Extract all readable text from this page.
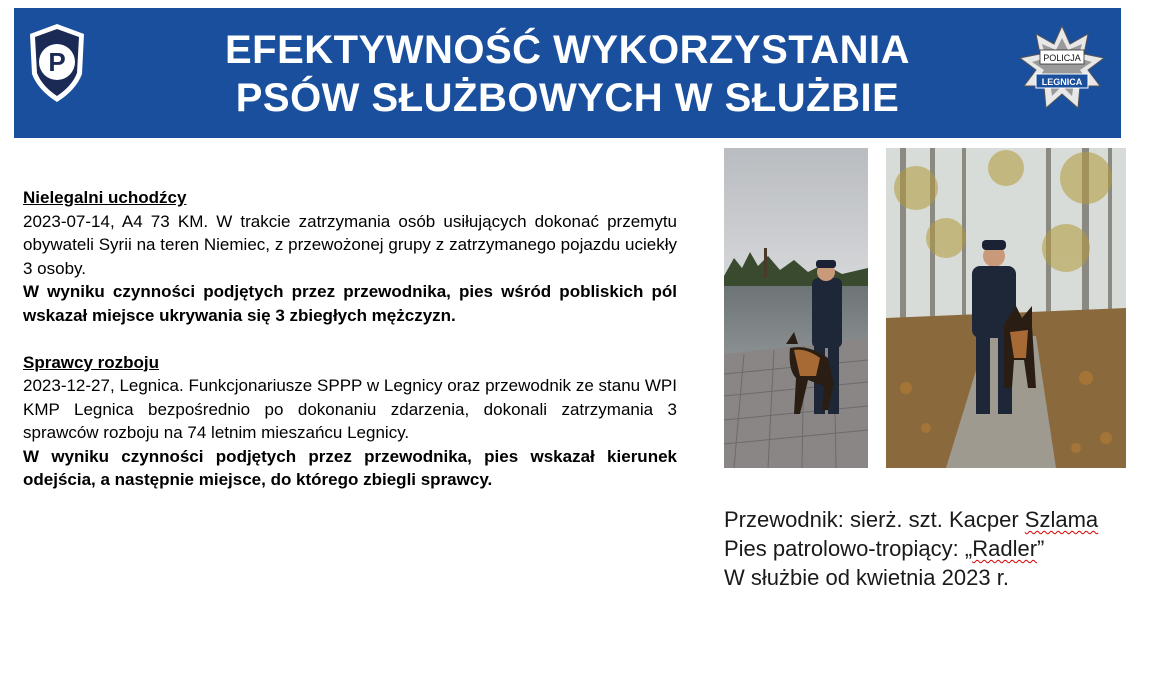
P	EFEKTYWNOŚĆ WYKORZYSTANIA
PSÓW SŁUŻBOWYCH W SŁUŻBIE
POLICJA
LEGNICA
Nielegalni uchodźcy
2023-07-14, A4 73 KM. W trakcie zatrzymania osób usiłujących dokonać przemytu obywateli Syrii na teren Niemiec, z przewożonej grupy z zatrzymanego pojazdu uciekły 3 osoby.
W wyniku czynności podjętych przez przewodnika, pies wśród pobliskich pól wskazał miejsce ukrywania się 3 zbiegłych mężczyzn.
Sprawcy rozboju
2023-12-27, Legnica. Funkcjonariusze SPPP w Legnicy oraz przewodnik ze stanu WPI KMP Legnica bezpośrednio po dokonaniu zdarzenia, dokonali zatrzymania 3 sprawców rozboju na 74 letnim mieszańcu Legnicy.
W wyniku czynności podjętych przez przewodnika, pies wskazał kierunek odejścia, a następnie miejsce, do którego zbiegli sprawcy.
Przewodnik: sierż. szt. Kacper Szlama
Pies patrolowo-tropiący: „Radler”
W służbie od kwietnia 2023 r.
